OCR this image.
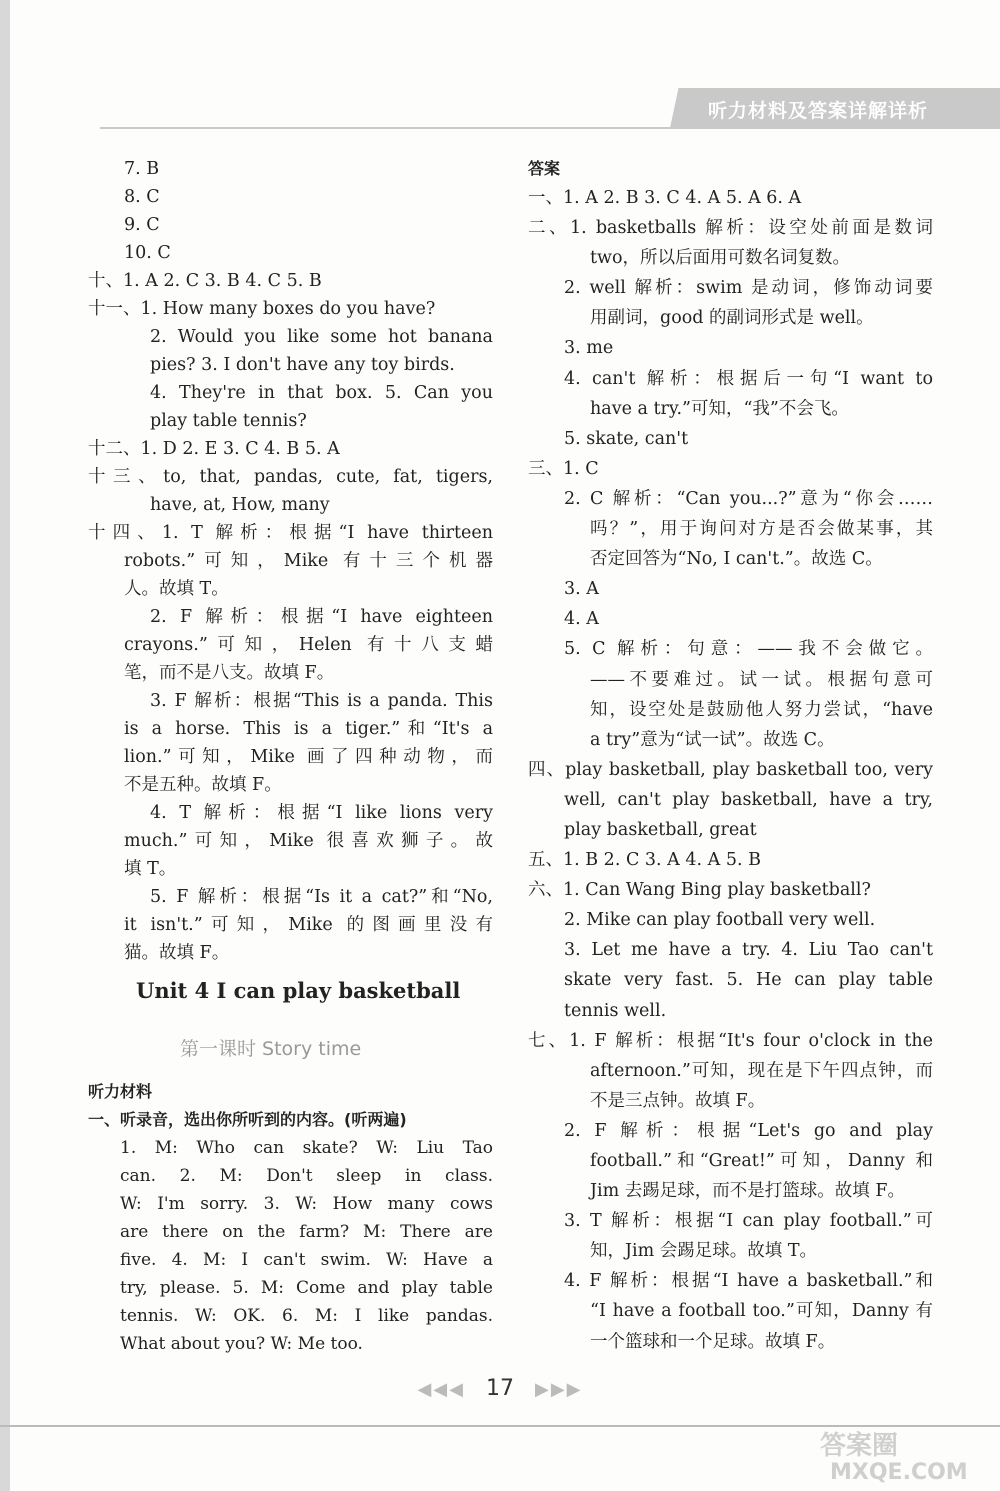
听力材料及答案详解详析
7. B
8. C
9. C
10. C
十、1. A 2. C 3. B 4. C 5. B
十一、1. How many boxes do you have?
2. Would you like some hot banana
pies? 3. I don't have any toy birds.
4. They're in that box. 5. Can you
play table tennis?
十二、1. D 2. E 3. C 4. B 5. A
十三、to, that, pandas, cute, fat, tigers,
have, at, How, many
十四、1. T 解析：根据“I have thirteen
robots.”可知，Mike 有十三个机器
人。故填 T。
2. F 解析：根据“I have eighteen
crayons.”可知，Helen 有十八支蜡
笔，而不是八支。故填 F。
3. F 解析：根据“This is a panda. This
is a horse. This is a tiger.”和“It's a
lion.”可知，Mike 画了四种动物，而
不是五种。故填 F。
4. T 解析：根据“I like lions very
much.”可知，Mike 很喜欢狮子。故
填 T。
5. F 解析：根据“Is it a cat?”和“No,
it isn't.”可知，Mike 的图画里没有
猫。故填 F。
Unit 4 I can play basketball
第一课时 Story time
听力材料
一、听录音，选出你所听到的内容。(听两遍)
1. M: Who can skate? W: Liu Tao
can. 2. M: Don't sleep in class.
W: I'm sorry. 3. W: How many cows
are there on the farm? M: There are
five. 4. M: I can't swim. W: Have a
try, please. 5. M: Come and play table
tennis. W: OK. 6. M: I like pandas.
What about you? W: Me too.
答案
一、1. A 2. B 3. C 4. A 5. A 6. A
二、1. basketballs 解析：设空处前面是数词
two，所以后面用可数名词复数。
2. well 解析：swim 是动词，修饰动词要
用副词，good 的副词形式是 well。
3. me
4. can't 解析：根据后一句“I want to
have a try.”可知，“我”不会飞。
5. skate, can't
三、1. C
2. C 解析：“Can you...?”意为“你会……
吗？”，用于询问对方是否会做某事，其
否定回答为“No, I can't.”。故选 C。
3. A
4. A
5. C 解析：句意：——我不会做它。
——不要难过。试一试。根据句意可
知，设空处是鼓励他人努力尝试，“have
a try”意为“试一试”。故选 C。
四、play basketball, play basketball too, very
well, can't play basketball, have a try,
play basketball, great
五、1. B 2. C 3. A 4. A 5. B
六、1. Can Wang Bing play basketball?
2. Mike can play football very well.
3. Let me have a try. 4. Liu Tao can't
skate very fast. 5. He can play table
tennis well.
七、1. F 解析：根据“It's four o'clock in the
afternoon.”可知，现在是下午四点钟，而
不是三点钟。故填 F。
2. F 解析：根据“Let's go and play
football.”和“Great!”可知，Danny 和
Jim 去踢足球，而不是打篮球。故填 F。
3. T 解析：根据“I can play football.”可
知，Jim 会踢足球。故填 T。
4. F 解析：根据“I have a basketball.”和
“I have a football too.”可知，Danny 有
一个篮球和一个足球。故填 F。
◀◀◀ 17 ▶▶▶
答案圈
MXQE.COM
